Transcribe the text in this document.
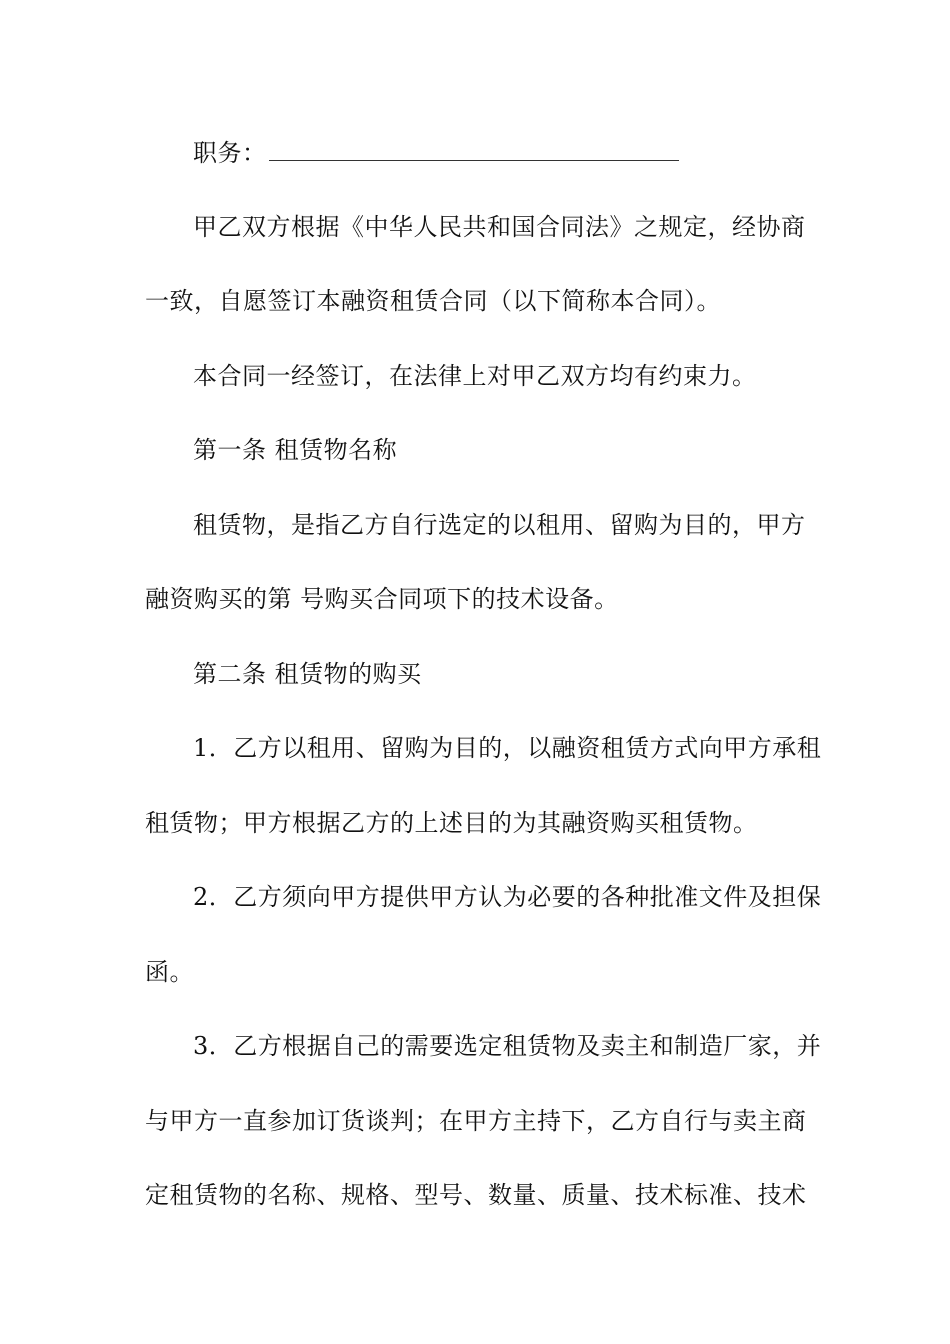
职务：
甲乙双方根据《中华人民共和国合同法》之规定，经协商
一致，自愿签订本融资租赁合同（以下简称本合同）。
本合同一经签订，在法律上对甲乙双方均有约束力。
第一条 租赁物名称
租赁物，是指乙方自行选定的以租用、留购为目的，甲方
融资购买的第 号购买合同项下的技术设备。
第二条 租赁物的购买
1．乙方以租用、留购为目的，以融资租赁方式向甲方承租
租赁物；甲方根据乙方的上述目的为其融资购买租赁物。
2．乙方须向甲方提供甲方认为必要的各种批准文件及担保
函。
3．乙方根据自己的需要选定租赁物及卖主和制造厂家，并
与甲方一直参加订货谈判；在甲方主持下，乙方自行与卖主商
定租赁物的名称、规格、型号、数量、质量、技术标准、技术
